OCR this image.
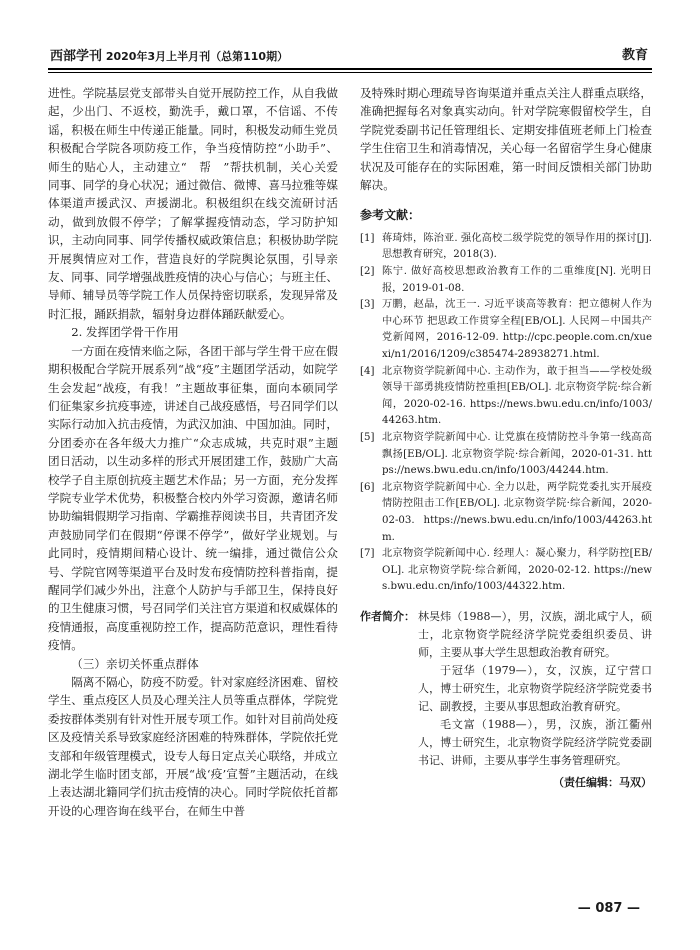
西部学刊 2020年3月上半月刊（总第110期）	教育

进性。学院基层党支部带头自觉开展防控工作，从自我做起，少出门、不返校，勤洗手，戴口罩，不信谣、不传谣，积极在师生中传递正能量。同时，积极发动师生党员积极配合学院各项防疫工作，争当疫情防控“小助手”、师生的贴心人，主动建立“　帮　”帮扶机制，关心关爱同事、同学的身心状况；通过微信、微博、喜马拉雅等媒体渠道声援武汉、声援湖北。积极组织在线交流研讨活动，做到放假不停学；了解掌握疫情动态，学习防护知识，主动向同事、同学传播权威政策信息；积极协助学院开展舆情应对工作，营造良好的学院舆论氛围，引导亲友、同事、同学增强战胜疫情的决心与信心；与班主任、导师、辅导员等学院工作人员保持密切联系，发现异常及时汇报，踊跃捐款，辐射身边群体踊跃献爱心。

2. 发挥团学骨干作用

一方面在疫情来临之际，各团干部与学生骨干应在假期积极配合学院开展系列“战“疫”主题团学活动，如院学生会发起“战疫，有我！”主题故事征集，面向本硕同学们征集家乡抗疫事迹，讲述自己战疫感悟，号召同学们以实际行动加入抗击疫情，为武汉加油、中国加油。同时，分团委亦在各年级大力推广“众志成城，共克时艰”主题团日活动，以生动多样的形式开展团建工作，鼓励广大高校学子自主原创抗疫主题艺术作品；另一方面，充分发挥学院专业学术优势，积极整合校内外学习资源，邀请名师协助编辑假期学习指南、学霸推荐阅读书目，共青团齐发声鼓励同学们在假期“停课不停学”，做好学业规划。与此同时，疫情期间精心设计、统一编排，通过微信公众号、学院官网等渠道平台及时发布疫情防控科普指南，提醒同学们减少外出，注意个人防护与手部卫生，保持良好的卫生健康习惯，号召同学们关注官方渠道和权威媒体的疫情通报，高度重视防控工作，提高防范意识，理性看待疫情。

（三）亲切关怀重点群体

隔离不隔心，防疫不防爱。针对家庭经济困难、留校学生、重点疫区人员及心理关注人员等重点群体，学院党委按群体类别有针对性开展专项工作。如针对目前尚处疫区及疫情关系导致家庭经济困难的特殊群体，学院依托党支部和年级管理模式，设专人每日定点关心联络，并成立湖北学生临时团支部，开展“战‘疫’宣誓”主题活动，在线上表达湖北籍同学们抗击疫情的决心。同时学院依托首都开设的心理咨询在线平台，在师生中普

及特殊时期心理疏导咨询渠道并重点关注人群重点联络，准确把握每名对象真实动向。针对学院寒假留校学生，自学院党委副书记任管理组长、定期安排值班老师上门检查学生住宿卫生和消毒情况，关心每一名留宿学生身心健康状况及可能存在的实际困难，第一时间反馈相关部门协助解决。

参考文献：
[1] 蒋琦炜，陈治亚. 强化高校二级学院党的领导作用的探讨[J]. 思想教育研究，2018(3).
[2] 陈宁. 做好高校思想政治教育工作的二重维度[N]. 光明日报，2019-01-08.
[3] 万鹏，赵晶，沈王一. 习近平谈高等教育：把立德树人作为中心环节 把思政工作贯穿全程[EB/OL]. 人民网－中国共产党新闻网，2016-12-09. http://cpc.people.com.cn/xuexi/n1/2016/1209/c385474-28938271.html.
[4] 北京物资学院新闻中心. 主动作为，敢于担当——学校处级领导干部勇挑疫情防控重担[EB/OL]. 北京物资学院·综合新闻，2020-02-16. https://news.bwu.edu.cn/info/1003/44263.htm.
[5] 北京物资学院新闻中心. 让党旗在疫情防控斗争第一线高高飘扬[EB/OL]. 北京物资学院·综合新闻，2020-01-31. https://news.bwu.edu.cn/info/1003/44244.htm.
[6] 北京物资学院新闻中心. 全力以赴，两学院党委扎实开展疫情防控阻击工作[EB/OL]. 北京物资学院·综合新闻，2020-02-03. https://news.bwu.edu.cn/info/1003/44263.htm.
[7] 北京物资学院新闻中心. 经理人：凝心聚力，科学防控[EB/OL]. 北京物资学院·综合新闻，2020-02-12. https://news.bwu.edu.cn/info/1003/44322.htm.
作者简介： 林昊炜（1988—），男，汉族，湖北咸宁人，硕士，北京物资学院经济学院党委组织委员、讲师，主要从事大学生思想政治教育研究。

于冠华（1979—），女，汉族，辽宁营口人，博士研究生，北京物资学院经济学院党委书记、副教授，主要从事思想政治教育研究。

毛文富（1988—），男，汉族，浙江衢州人，博士研究生，北京物资学院经济学院党委副书记、讲师，主要从事学生事务管理研究。

（责任编辑：马双）
— 087 —
